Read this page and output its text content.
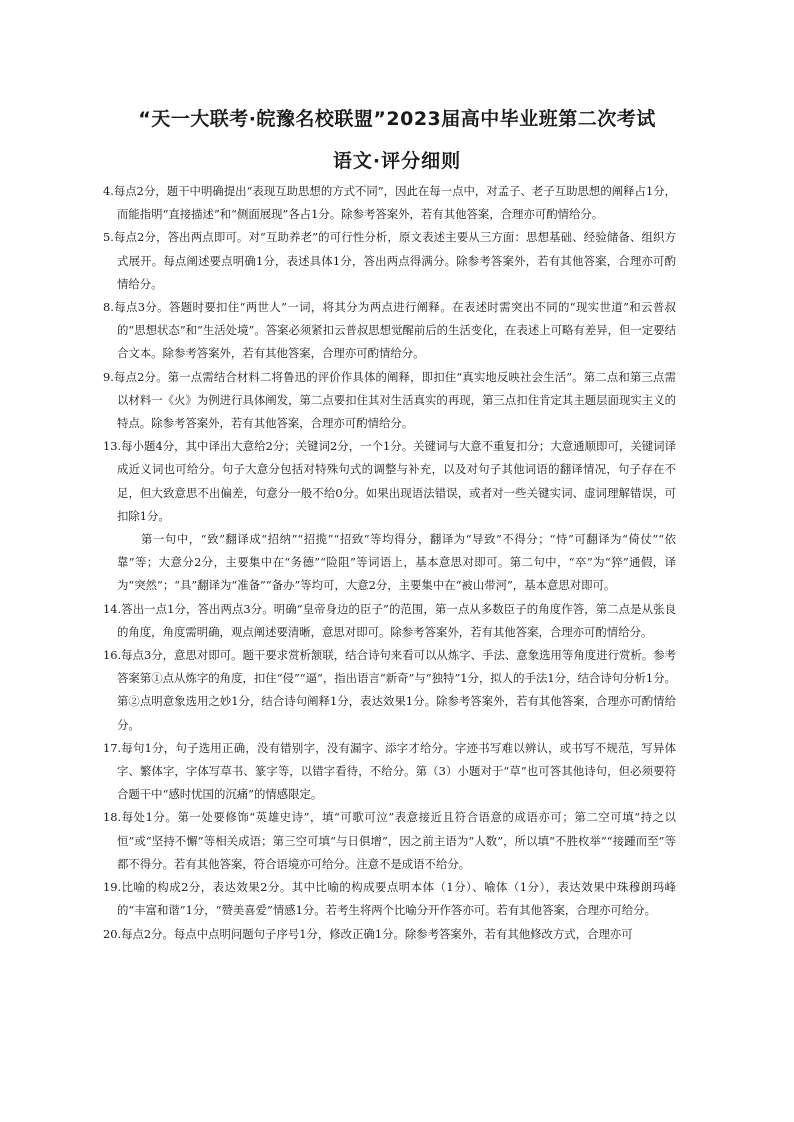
“天一大联考·皖豫名校联盟”2023届高中毕业班第二次考试
语文·评分细则

4.每点2分，题干中明确提出“表现互助思想的方式不同”，因此在每一点中，对孟子、老子互助思想的阐释占1分，而能指明“直接描述”和“侧面展现”各占1分。除参考答案外，若有其他答案，合理亦可酌情给分。

5.每点2分，答出两点即可。对“互助养老”的可行性分析，原文表述主要从三方面：思想基础、经验储备、组织方式展开。每点阐述要点明确1分，表述具体1分，答出两点得满分。除参考答案外，若有其他答案，合理亦可酌情给分。

8.每点3分。答题时要扣住“两世人”一词，将其分为两点进行阐释。在表述时需突出不同的“现实世道”和云普叔的“思想状态”和“生活处境”。答案必须紧扣云普叔思想觉醒前后的生活变化，在表述上可略有差异，但一定要结合文本。除参考答案外，若有其他答案，合理亦可酌情给分。

9.每点2分。第一点需结合材料二将鲁迅的评价作具体的阐释，即扣住“真实地反映社会生活”。第二点和第三点需以材料一《火》为例进行具体阐发，第二点要扣住其对生活真实的再现，第三点扣住肯定其主题层面现实主义的特点。除参考答案外，若有其他答案，合理亦可酌情给分。

13.每小题4分，其中译出大意给2分；关键词2分，一个1分。关键词与大意不重复扣分；大意通顺即可，关键词译成近义词也可给分。句子大意分包括对特殊句式的调整与补充，以及对句子其他词语的翻译情况，句子存在不足，但大致意思不出偏差，句意分一般不给0分。如果出现语法错误，或者对一些关键实词、虚词理解错误，可扣除1分。

第一句中，“致”翻译成“招纳”“招揽”“招致”等均得分，翻译为“导致”不得分；“恃”可翻译为“倚仗”“依靠”等；大意分2分，主要集中在“务德”“险阻”等词语上，基本意思对即可。第二句中，“卒”为“猝”通假，译为“突然”；“具”翻译为“准备”“备办”等均可，大意2分，主要集中在“被山带河”，基本意思对即可。

14.答出一点1分，答出两点3分。明确“皇帝身边的臣子”的范围，第一点从多数臣子的角度作答，第二点是从张良的角度，角度需明确，观点阐述要清晰，意思对即可。除参考答案外，若有其他答案，合理亦可酌情给分。

16.每点3分，意思对即可。题干要求赏析颔联，结合诗句来看可以从炼字、手法、意象选用等角度进行赏析。参考答案第①点从炼字的角度，扣住“侵”“逼”，指出语言“新奇”与“独特”1分，拟人的手法1分，结合诗句分析1分。第②点明意象选用之妙1分，结合诗句阐释1分，表达效果1分。除参考答案外，若有其他答案，合理亦可酌情给分。

17.每句1分，句子选用正确，没有错别字，没有漏字、添字才给分。字迹书写难以辨认，或书写不规范，写异体字、繁体字，字体写草书、篆字等，以错字看待，不给分。第（3）小题对于“草”也可答其他诗句，但必须要符合题干中“感时忧国的沉痛”的情感限定。

18.每处1分。第一处要修饰“英雄史诗”，填“可歌可泣”表意接近且符合语意的成语亦可；第二空可填“持之以恒”或“坚持不懈”等相关成语；第三空可填“与日俱增”，因之前主语为“人数”，所以填“不胜枚举”“接踵而至”等都不得分。若有其他答案，符合语境亦可给分。注意不是成语不给分。

19.比喻的构成2分，表达效果2分。其中比喻的构成要点明本体（1分）、喻体（1分），表达效果中珠穆朗玛峰的“丰富和谐”1分，“赞美喜爱”情感1分。若考生将两个比喻分开作答亦可。若有其他答案，合理亦可给分。

20.每点2分。每点中点明问题句子序号1分，修改正确1分。除参考答案外，若有其他修改方式，合理亦可
